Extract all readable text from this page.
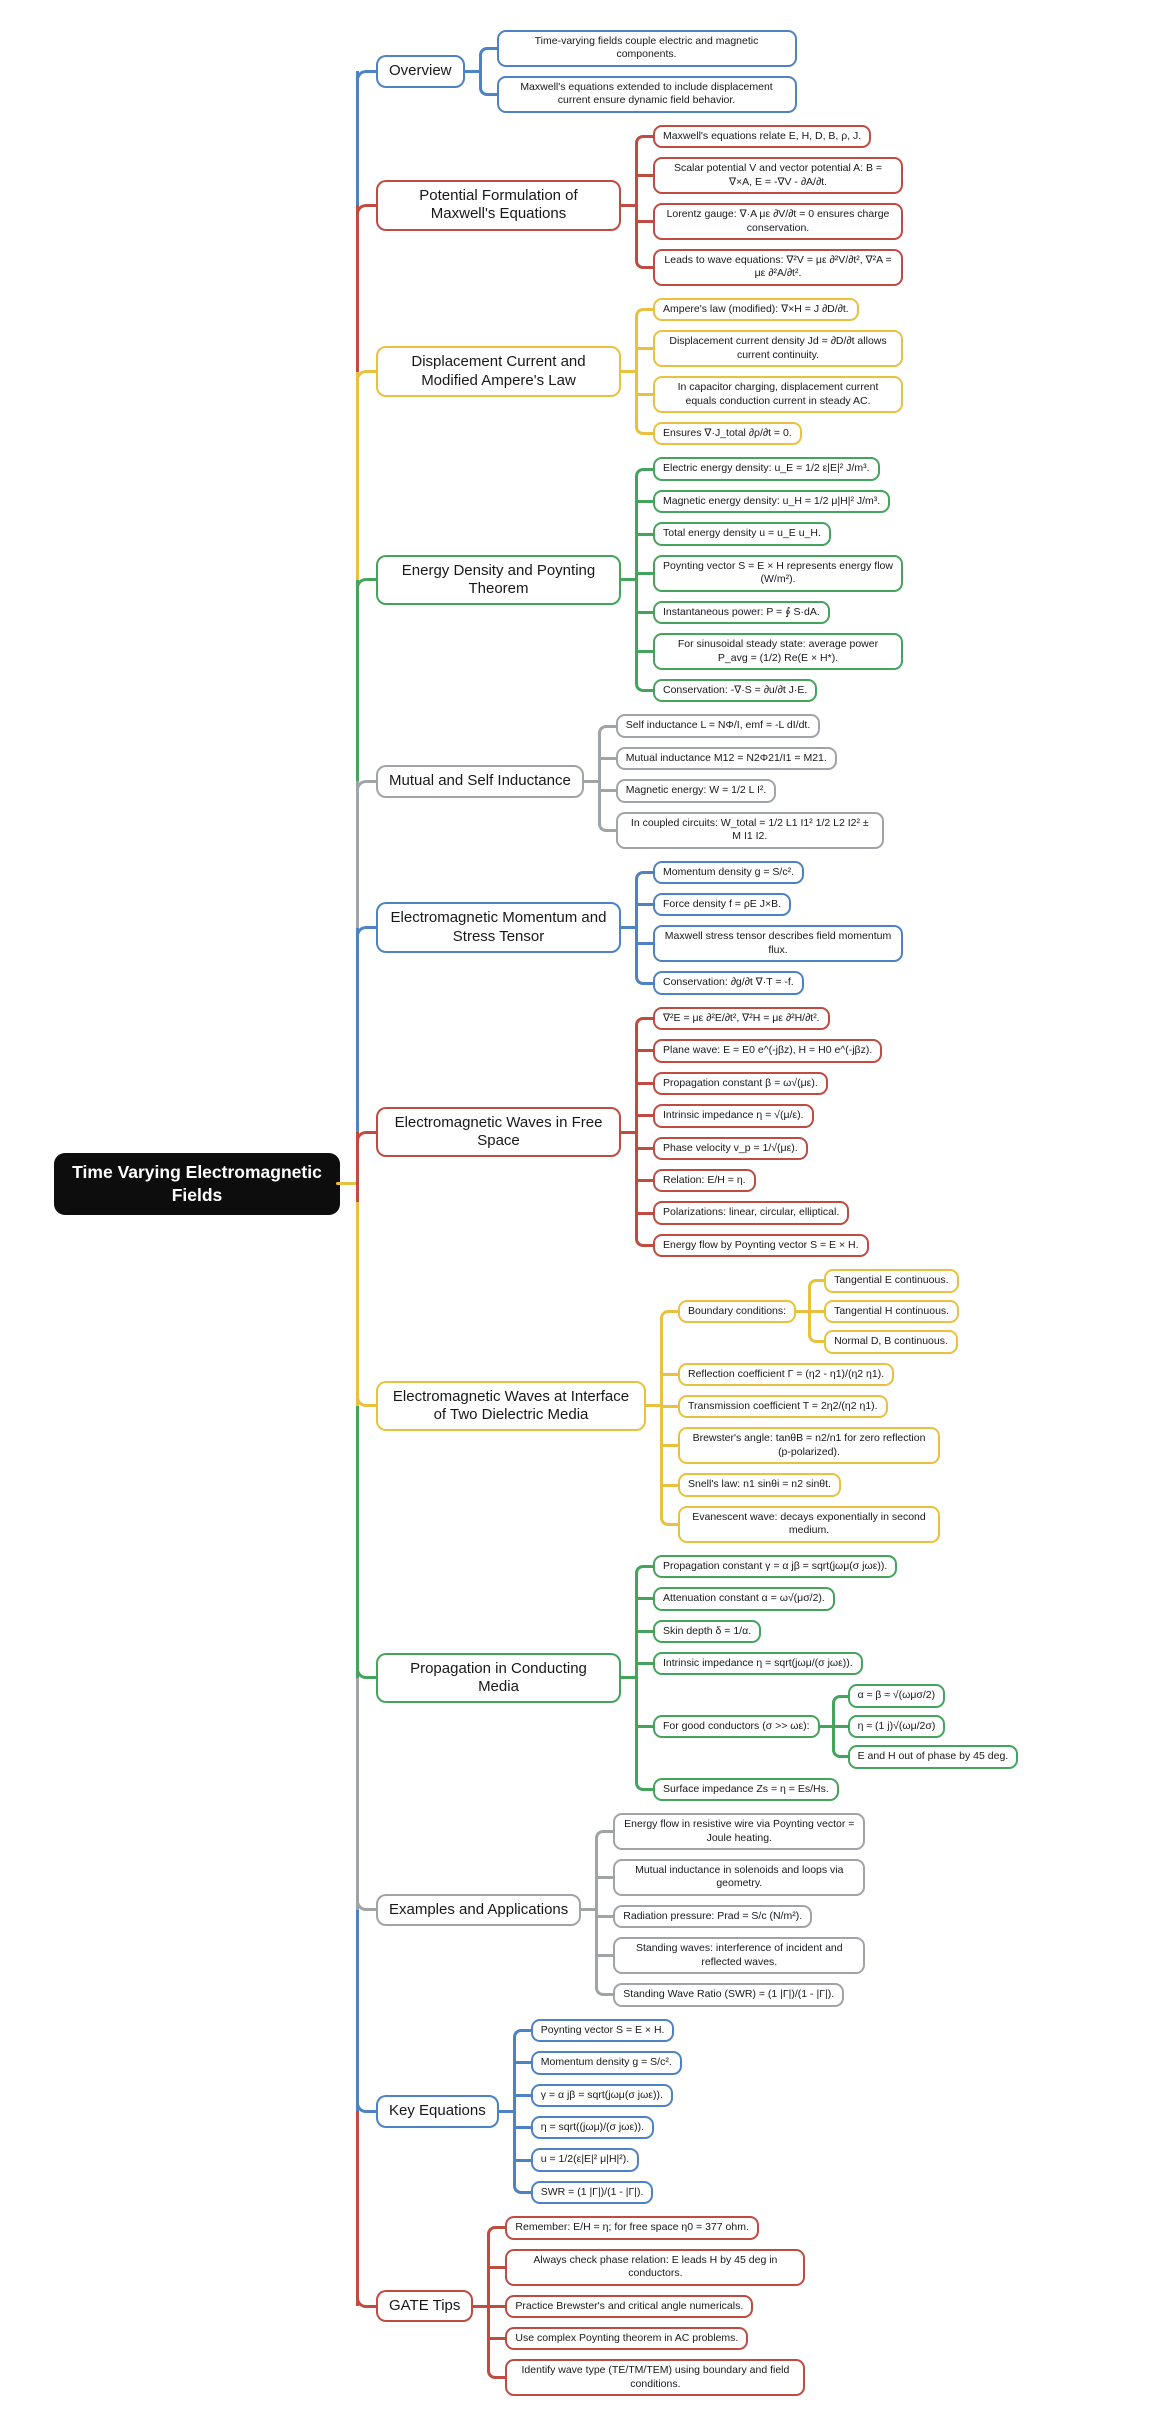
Time Varying Electromagnetic Fields
Overview
Time-varying fields couple electric and magnetic components.
Maxwell's equations extended to include displacement current ensure dynamic field behavior.
Potential Formulation of Maxwell's Equations
Maxwell's equations relate E, H, D, B, ρ, J.
Scalar potential V and vector potential A: B = ∇×A, E = -∇V - ∂A/∂t.
Lorentz gauge: ∇·A με ∂V/∂t = 0 ensures charge conservation.
Leads to wave equations: ∇²V = με ∂²V/∂t², ∇²A = με ∂²A/∂t².
Displacement Current and Modified Ampere's Law
Ampere's law (modified): ∇×H = J ∂D/∂t.
Displacement current density Jd = ∂D/∂t allows current continuity.
In capacitor charging, displacement current equals conduction current in steady AC.
Ensures ∇·J_total ∂ρ/∂t = 0.
Energy Density and Poynting Theorem
Electric energy density: u_E = 1/2 ε|E|² J/m³.
Magnetic energy density: u_H = 1/2 μ|H|² J/m³.
Total energy density u = u_E u_H.
Poynting vector S = E × H represents energy flow (W/m²).
Instantaneous power: P = ∮ S·dA.
For sinusoidal steady state: average power P_avg = (1/2) Re(E × H*).
Conservation: -∇·S = ∂u/∂t J·E.
Mutual and Self Inductance
Self inductance L = NΦ/I, emf = -L dI/dt.
Mutual inductance M12 = N2Φ21/I1 = M21.
Magnetic energy: W = 1/2 L I².
In coupled circuits: W_total = 1/2 L1 I1² 1/2 L2 I2² ± M I1 I2.
Electromagnetic Momentum and Stress Tensor
Momentum density g = S/c².
Force density f = ρE J×B.
Maxwell stress tensor describes field momentum flux.
Conservation: ∂g/∂t ∇·T = -f.
Electromagnetic Waves in Free Space
∇²E = με ∂²E/∂t², ∇²H = με ∂²H/∂t².
Plane wave: E = E0 e^(-jβz), H = H0 e^(-jβz).
Propagation constant β = ω√(με).
Intrinsic impedance η = √(μ/ε).
Phase velocity v_p = 1/√(με).
Relation: E/H = η.
Polarizations: linear, circular, elliptical.
Energy flow by Poynting vector S = E × H.
Electromagnetic Waves at Interface of Two Dielectric Media
Boundary conditions:
Tangential E continuous.
Tangential H continuous.
Normal D, B continuous.
Reflection coefficient Γ = (η2 - η1)/(η2 η1).
Transmission coefficient T = 2η2/(η2 η1).
Brewster's angle: tanθB = n2/n1 for zero reflection (p-polarized).
Snell's law: n1 sinθi = n2 sinθt.
Evanescent wave: decays exponentially in second medium.
Propagation in Conducting Media
Propagation constant γ = α jβ = sqrt(jωμ(σ jωε)).
Attenuation constant α = ω√(μσ/2).
Skin depth δ = 1/α.
Intrinsic impedance η = sqrt(jωμ/(σ jωε)).
For good conductors (σ >> ωε):
α ≈ β ≈ √(ωμσ/2)
η ≈ (1 j)√(ωμ/2σ)
E and H out of phase by 45 deg.
Surface impedance Zs = η = Es/Hs.
Examples and Applications
Energy flow in resistive wire via Poynting vector = Joule heating.
Mutual inductance in solenoids and loops via geometry.
Radiation pressure: Prad = S/c (N/m²).
Standing waves: interference of incident and reflected waves.
Standing Wave Ratio (SWR) = (1 |Γ|)/(1 - |Γ|).
Key Equations
Poynting vector S = E × H.
Momentum density g = S/c².
γ = α jβ = sqrt(jωμ(σ jωε)).
η = sqrt((jωμ)/(σ jωε)).
u = 1/2(ε|E|² μ|H|²).
SWR = (1 |Γ|)/(1 - |Γ|).
GATE Tips
Remember: E/H = η; for free space η0 = 377 ohm.
Always check phase relation: E leads H by 45 deg in conductors.
Practice Brewster's and critical angle numericals.
Use complex Poynting theorem in AC problems.
Identify wave type (TE/TM/TEM) using boundary and field conditions.
